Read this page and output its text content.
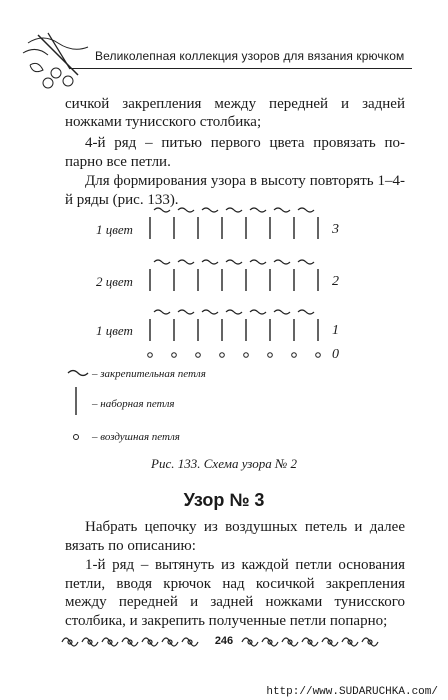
Великолепная коллекция узоров для вязания крючком
сичкой закрепления между передней и задней
ножками тунисского столбика;
4-й ряд – питью первого цвета провязать по-парно все петли.
Для формирования узора в высоту повторять 1–4-й ряды (рис. 133).
1 цвет	3
2 цвет	2
1 цвет	1
0
– закрепительная петля
– наборная петля
– воздушная петля
Рис. 133. Схема узора № 2
Узор № 3
Набрать цепочку из воздушных петель и далее вязать по описанию:
1-й ряд – вытянуть из каждой петли основания петли, вводя крючок над косичкой закрепления между передней и задней ножками тунисского столбика, и закрепить полученные петли попарно;
246
http://www.SUDARUCHKA.com/
